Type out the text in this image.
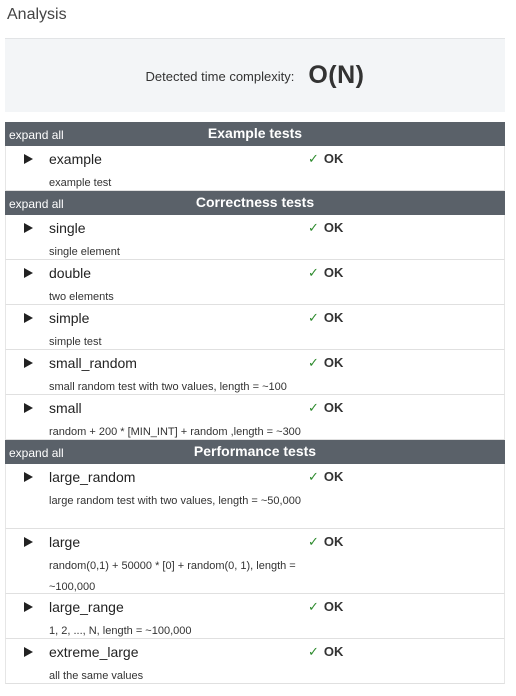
Analysis
Detected time complexity: O(N)
expand all	Example tests
example
example test
✓ OK
expand all	Correctness tests
single
single element
✓ OK
double
two elements
✓ OK
simple
simple test
✓ OK
small_random
small random test with two values, length = ~100
✓ OK
small
random + 200 * [MIN_INT] + random ,length = ~300
✓ OK
expand all	Performance tests
large_random
large random test with two values, length = ~50,000
✓ OK
large
random(0,1) + 50000 * [0] + random(0, 1), length = ~100,000
✓ OK
large_range
1, 2, ..., N, length = ~100,000
✓ OK
extreme_large
all the same values
✓ OK
